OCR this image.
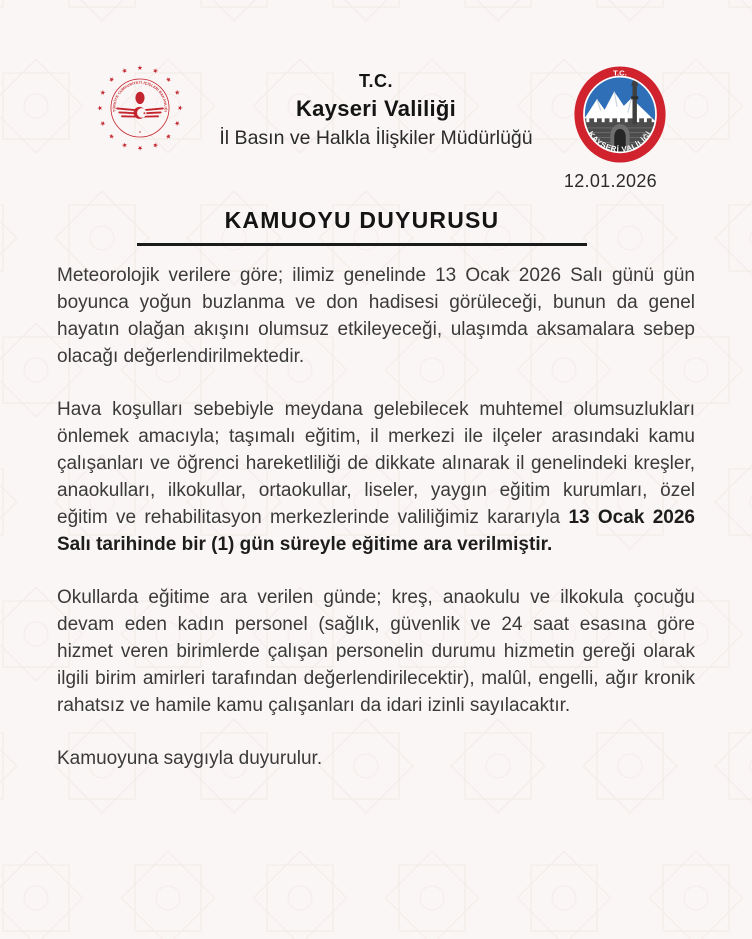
★ ★
★
★
★
★
★
★
★
★
★
★
★
★
★
★
TÜRKİYE CUMHURİYETİ İÇİŞLERİ BAKANLIĞI
★
★
T.C.
Kayseri Valiliği
İl Basın ve Halkla İlişkiler Müdürlüğü
T.C.
KAYSERİ VALİLİĞİ
12.01.2026
KAMUOYU DUYURUSU

Meteorolojik verilere göre; ilimiz genelinde 13 Ocak 2026 Salı günü gün boyunca yoğun buzlanma ve don hadisesi görüleceği, bunun da genel hayatın olağan akışını olumsuz etkileyeceği, ulaşımda aksamalara sebep olacağı değerlendirilmektedir.

Hava koşulları sebebiyle meydana gelebilecek muhtemel olumsuzlukları önlemek amacıyla; taşımalı eğitim, il merkezi ile ilçeler arasındaki kamu çalışanları ve öğrenci hareketliliği de dikkate alınarak il genelindeki kreşler, anaokulları, ilkokullar, ortaokullar, liseler, yaygın eğitim kurumları, özel eğitim ve rehabilitasyon merkezlerinde valiliğimiz kararıyla 13 Ocak 2026 Salı tarihinde bir (1) gün süreyle eğitime ara verilmiştir.

Okullarda eğitime ara verilen günde; kreş, anaokulu ve ilkokula çocuğu devam eden kadın personel (sağlık, güvenlik ve 24 saat esasına göre hizmet veren birimlerde çalışan personelin durumu hizmetin gereği olarak ilgili birim amirleri tarafından değerlendirilecektir), malûl, engelli, ağır kronik rahatsız ve hamile kamu çalışanları da idari izinli sayılacaktır.

Kamuoyuna saygıyla duyurulur.
